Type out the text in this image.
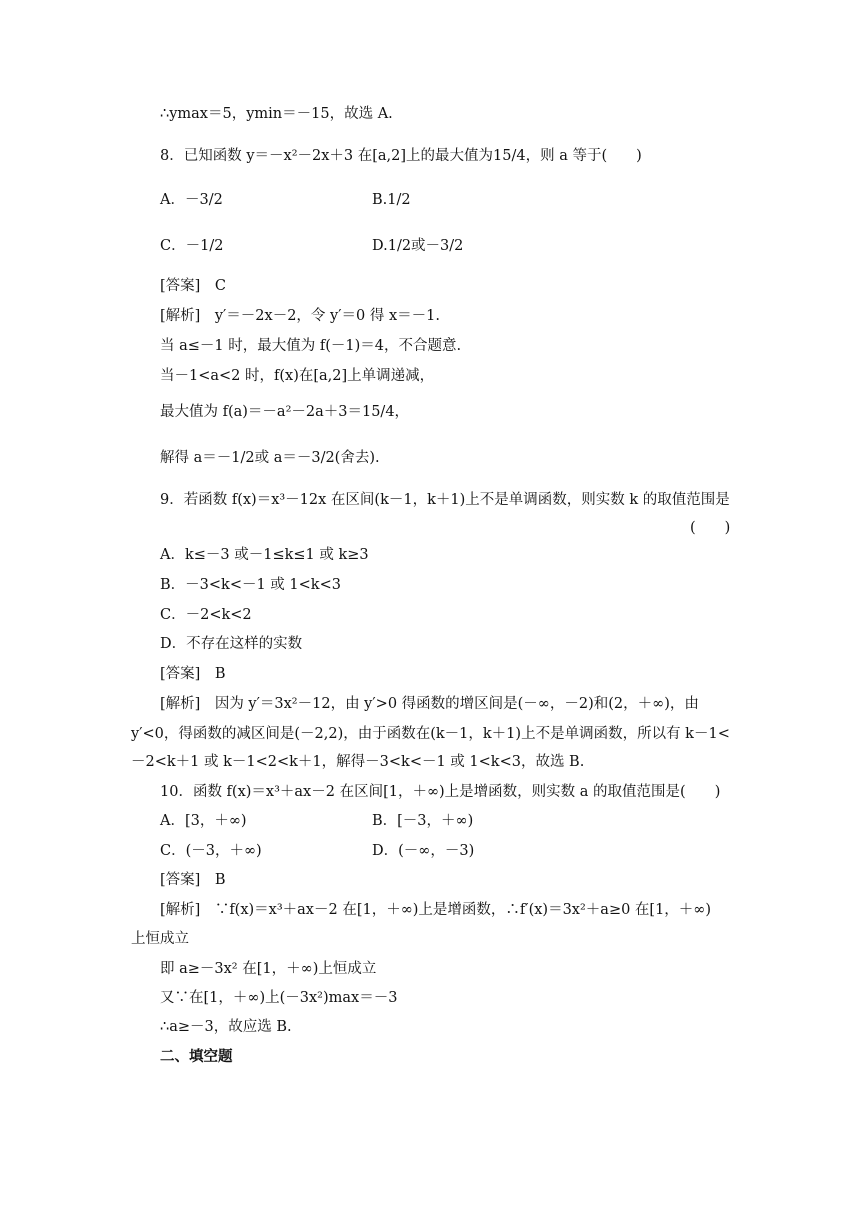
∴ymax＝5，ymin＝－15，故选 A.
8．已知函数 y＝－x²－2x＋3 在[a,2]上的最大值为15/4，则 a 等于(　　)
A．－3/2	B.1/2
C．－1/2	D.1/2或－3/2
[答案]　C
[解析]　y′＝－2x－2，令 y′＝0 得 x＝－1.
当 a≤－1 时，最大值为 f(－1)＝4，不合题意.
当－1<a<2 时，f(x)在[a,2]上单调递减，
最大值为 f(a)＝－a²－2a＋3＝15/4，
解得 a＝－1/2或 a＝－3/2(舍去).
9．若函数 f(x)＝x³－12x 在区间(k－1，k＋1)上不是单调函数，则实数 k 的取值范围是
(　　)
A．k≤－3 或－1≤k≤1 或 k≥3
B．－3<k<－1 或 1<k<3
C．－2<k<2
D．不存在这样的实数
[答案]　B
[解析]　因为 y′＝3x²－12，由 y′>0 得函数的增区间是(－∞，－2)和(2，＋∞)，由
y′<0，得函数的减区间是(－2,2)，由于函数在(k－1，k＋1)上不是单调函数，所以有 k－1<
－2<k＋1 或 k－1<2<k＋1，解得－3<k<－1 或 1<k<3，故选 B.
10．函数 f(x)＝x³＋ax－2 在区间[1，＋∞)上是增函数，则实数 a 的取值范围是(　　)
A．[3，＋∞)	B．[－3，＋∞)
C．(－3，＋∞)	D．(－∞，－3)
[答案]　B
[解析]　∵f(x)＝x³＋ax－2 在[1，＋∞)上是增函数，∴f′(x)＝3x²＋a≥0 在[1，＋∞)
上恒成立
即 a≥－3x² 在[1，＋∞)上恒成立
又∵在[1，＋∞)上(－3x²)max＝－3
∴a≥－3，故应选 B.
二、填空题
